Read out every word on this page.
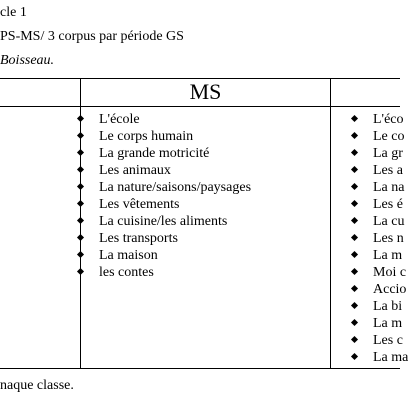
cle 1
PS-MS/ 3 corpus par période GS
Boisseau.
MS
L'école
Le corps humain
La grande motricité
Les animaux
La nature/saisons/paysages
Les vêtements
La cuisine/les aliments
Les transports
La maison
les contes
L'éco
Le co
La gr
Les a
La na
Les é
La cu
Les n
La m
Moi c
Accio
La bi
La m
Les c
La ma
naque classe.
